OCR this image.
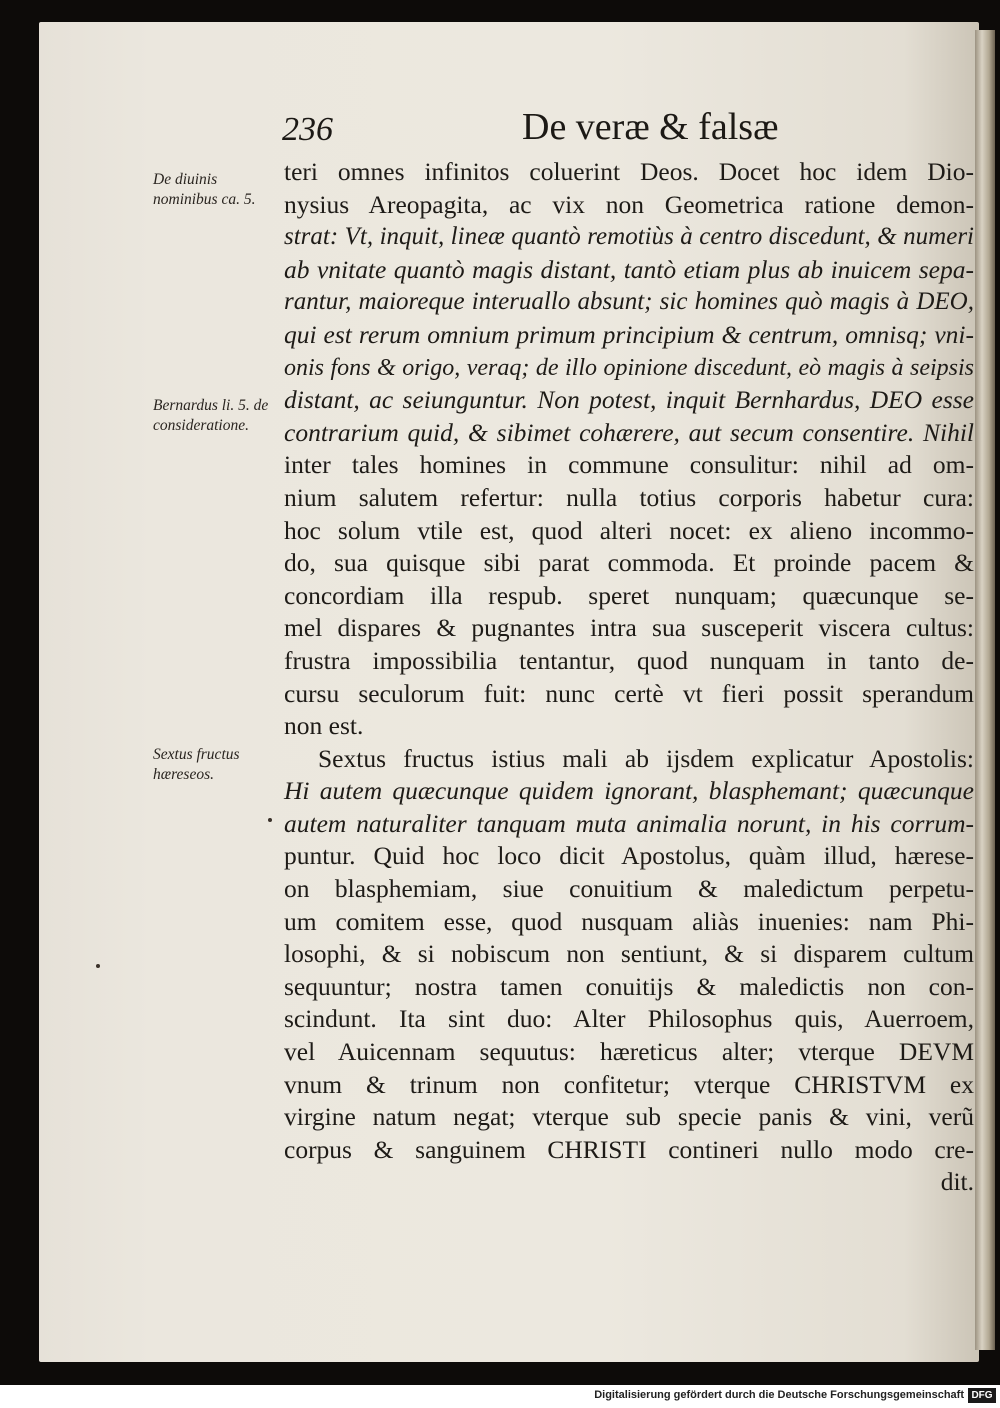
236	De veræ & falsæ
De diuinis nominibus ca. 5.
Bernardus li. 5. de consideratione.
Sextus fructus hæreseos.
teri omnes infinitos coluerint Deos. Docet hoc idem Dio-
nysius Areopagita, ac vix non Geometrica ratione demon-
strat: Vt, inquit, lineæ quantò remotiùs à centro discedunt, & numeri
ab vnitate quantò magis distant, tantò etiam plus ab inuicem sepa-
rantur, maioreque interuallo absunt; sic homines quò magis à DEO,
qui est rerum omnium primum principium & centrum, omnisq; vni-
onis fons & origo, veraq; de illo opinione discedunt, eò magis à seipsis
distant, ac seiunguntur. Non potest, inquit Bernhardus, DEO esse
contrarium quid, & sibimet cohærere, aut secum consentire. Nihil
inter tales homines in commune consulitur: nihil ad om-
nium salutem refertur: nulla totius corporis habetur cura:
hoc solum vtile est, quod alteri nocet: ex alieno incommo-
do, sua quisque sibi parat commoda. Et proinde pacem &
concordiam illa respub. speret nunquam; quæcunque se-
mel dispares & pugnantes intra sua susceperit viscera cultus:
frustra impossibilia tentantur, quod nunquam in tanto de-
cursu seculorum fuit: nunc certè vt fieri possit sperandum
non est.
Sextus fructus istius mali ab ijsdem explicatur Apostolis:
Hi autem quæcunque quidem ignorant, blasphemant; quæcunque
autem naturaliter tanquam muta animalia norunt, in his corrum-
puntur. Quid hoc loco dicit Apostolus, quàm illud, hærese-
on blasphemiam, siue conuitium & maledictum perpetu-
um comitem esse, quod nusquam aliàs inuenies: nam Phi-
losophi, & si nobiscum non sentiunt, & si disparem cultum
sequuntur; nostra tamen conuitijs & maledictis non con-
scindunt. Ita sint duo: Alter Philosophus quis, Auerroem,
vel Auicennam sequutus: hæreticus alter; vterque DEVM
vnum & trinum non confitetur; vterque CHRISTVM ex
virgine natum negat; vterque sub specie panis & vini, verũ
corpus & sanguinem CHRISTI contineri nullo modo cre-
dit.
Digitalisierung gefördert durch die Deutsche Forschungsgemeinschaft DFG
